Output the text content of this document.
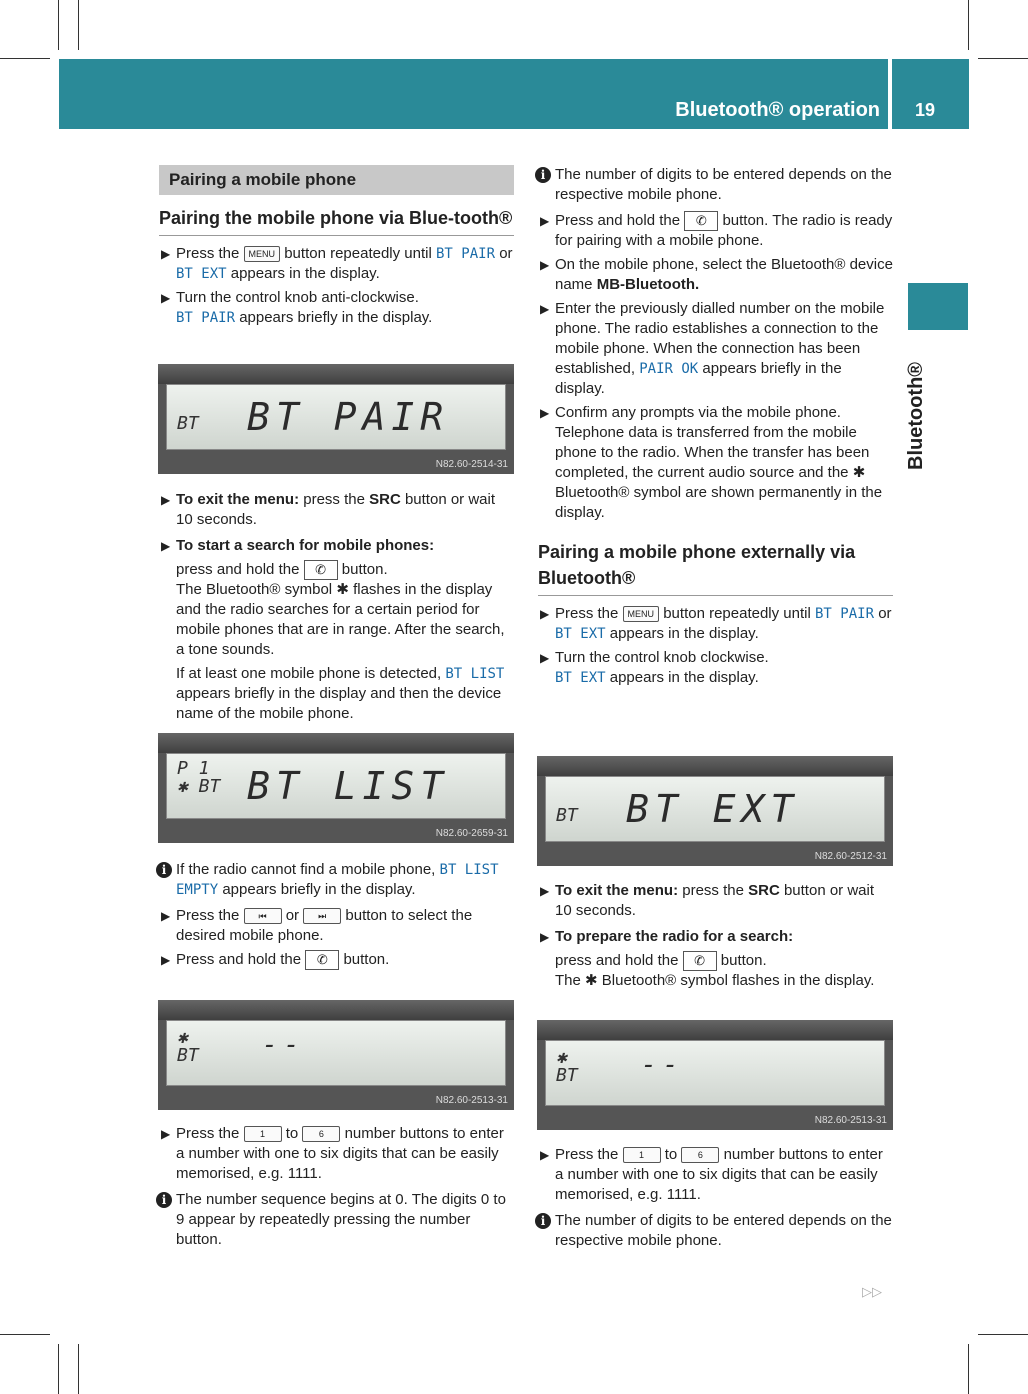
Bluetooth® operation	19
Bluetooth®
Pairing a mobile phone
Pairing the mobile phone via Blue-tooth®
▶ Press the MENU button repeatedly until BT PAIR or BT EXT appears in the display.
▶ Turn the control knob anti-clockwise.
BT PAIR appears briefly in the display.
BT BT PAIR
N82.60-2514-31
▶ To exit the menu: press the SRC button or wait 10 seconds.
▶ To start a search for mobile phones:
press and hold the ✆ button.
The Bluetooth® symbol ✱ flashes in the display and the radio searches for a certain period for mobile phones that are in range. After the search, a tone sounds.
If at least one mobile phone is detected, BT LIST appears briefly in the display and then the device name of the mobile phone.
P 1 ✱ BT BT LIST
N82.60-2659-31
i If the radio cannot find a mobile phone, BT LIST EMPTY appears briefly in the display.
▶ Press the ⏮ or ⏭ button to select the desired mobile phone.
▶ Press and hold the ✆ button.
✱ BT	--
N82.60-2513-31
▶ Press the 1 to 6 number buttons to enter a number with one to six digits that can be easily memorised, e.g. 1111.
i The number sequence begins at 0. The digits 0 to 9 appear by repeatedly pressing the number button.
i The number of digits to be entered depends on the respective mobile phone.
▶ Press and hold the ✆ button. The radio is ready for pairing with a mobile phone.
▶ On the mobile phone, select the Bluetooth® device name MB-Bluetooth.
▶ Enter the previously dialled number on the mobile phone. The radio establishes a connection to the mobile phone. When the connection has been established, PAIR OK appears briefly in the display.
▶ Confirm any prompts via the mobile phone. Telephone data is transferred from the mobile phone to the radio. When the transfer has been completed, the current audio source and the ✱ Bluetooth® symbol are shown permanently in the display.
Pairing a mobile phone externally via Bluetooth®
▶ Press the MENU button repeatedly until BT PAIR or BT EXT appears in the display.
▶ Turn the control knob clockwise.
BT EXT appears in the display.
BT BT EXT
N82.60-2512-31
▶ To exit the menu: press the SRC button or wait 10 seconds.
▶ To prepare the radio for a search:
press and hold the ✆ button.
The ✱ Bluetooth® symbol flashes in the display.
✱ BT	--
N82.60-2513-31
▶ Press the 1 to 6 number buttons to enter a number with one to six digits that can be easily memorised, e.g. 1111.
i The number of digits to be entered depends on the respective mobile phone.
▷▷
